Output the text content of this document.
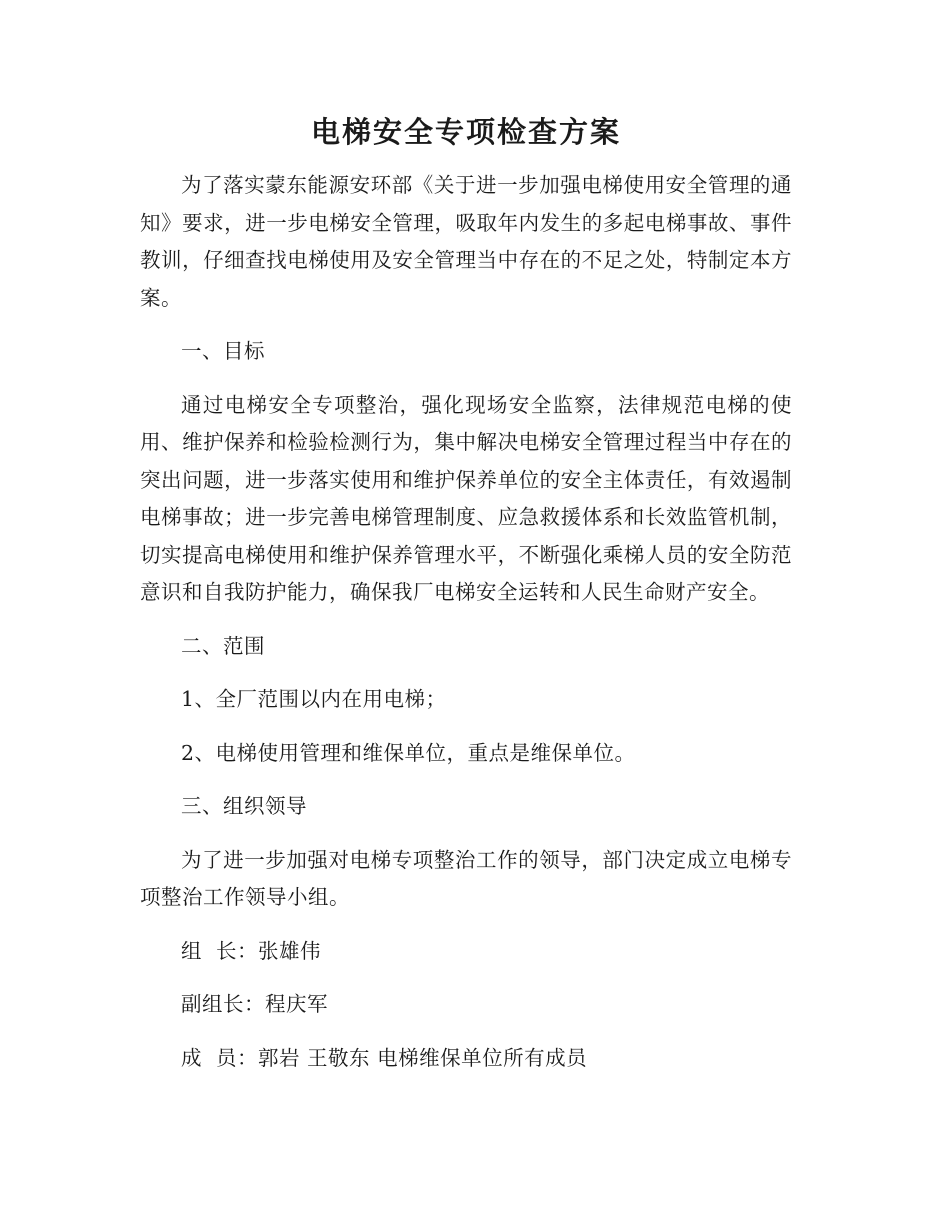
电梯安全专项检查方案

为了落实蒙东能源安环部《关于进一步加强电梯使用安全管理的通知》要求，进一步电梯安全管理，吸取年内发生的多起电梯事故、事件教训，仔细查找电梯使用及安全管理当中存在的不足之处，特制定本方案。

一、目标

通过电梯安全专项整治，强化现场安全监察，法律规范电梯的使用、维护保养和检验检测行为，集中解决电梯安全管理过程当中存在的突出问题，进一步落实使用和维护保养单位的安全主体责任，有效遏制电梯事故；进一步完善电梯管理制度、应急救援体系和长效监管机制，切实提高电梯使用和维护保养管理水平，不断强化乘梯人员的安全防范意识和自我防护能力，确保我厂电梯安全运转和人民生命财产安全。

二、范围

1、全厂范围以内在用电梯；

2、电梯使用管理和维保单位，重点是维保单位。

三、组织领导

为了进一步加强对电梯专项整治工作的领导，部门决定成立电梯专项整治工作领导小组。

组  长：张雄伟

副组长：程庆军

成  员：郭岩 王敬东 电梯维保单位所有成员
